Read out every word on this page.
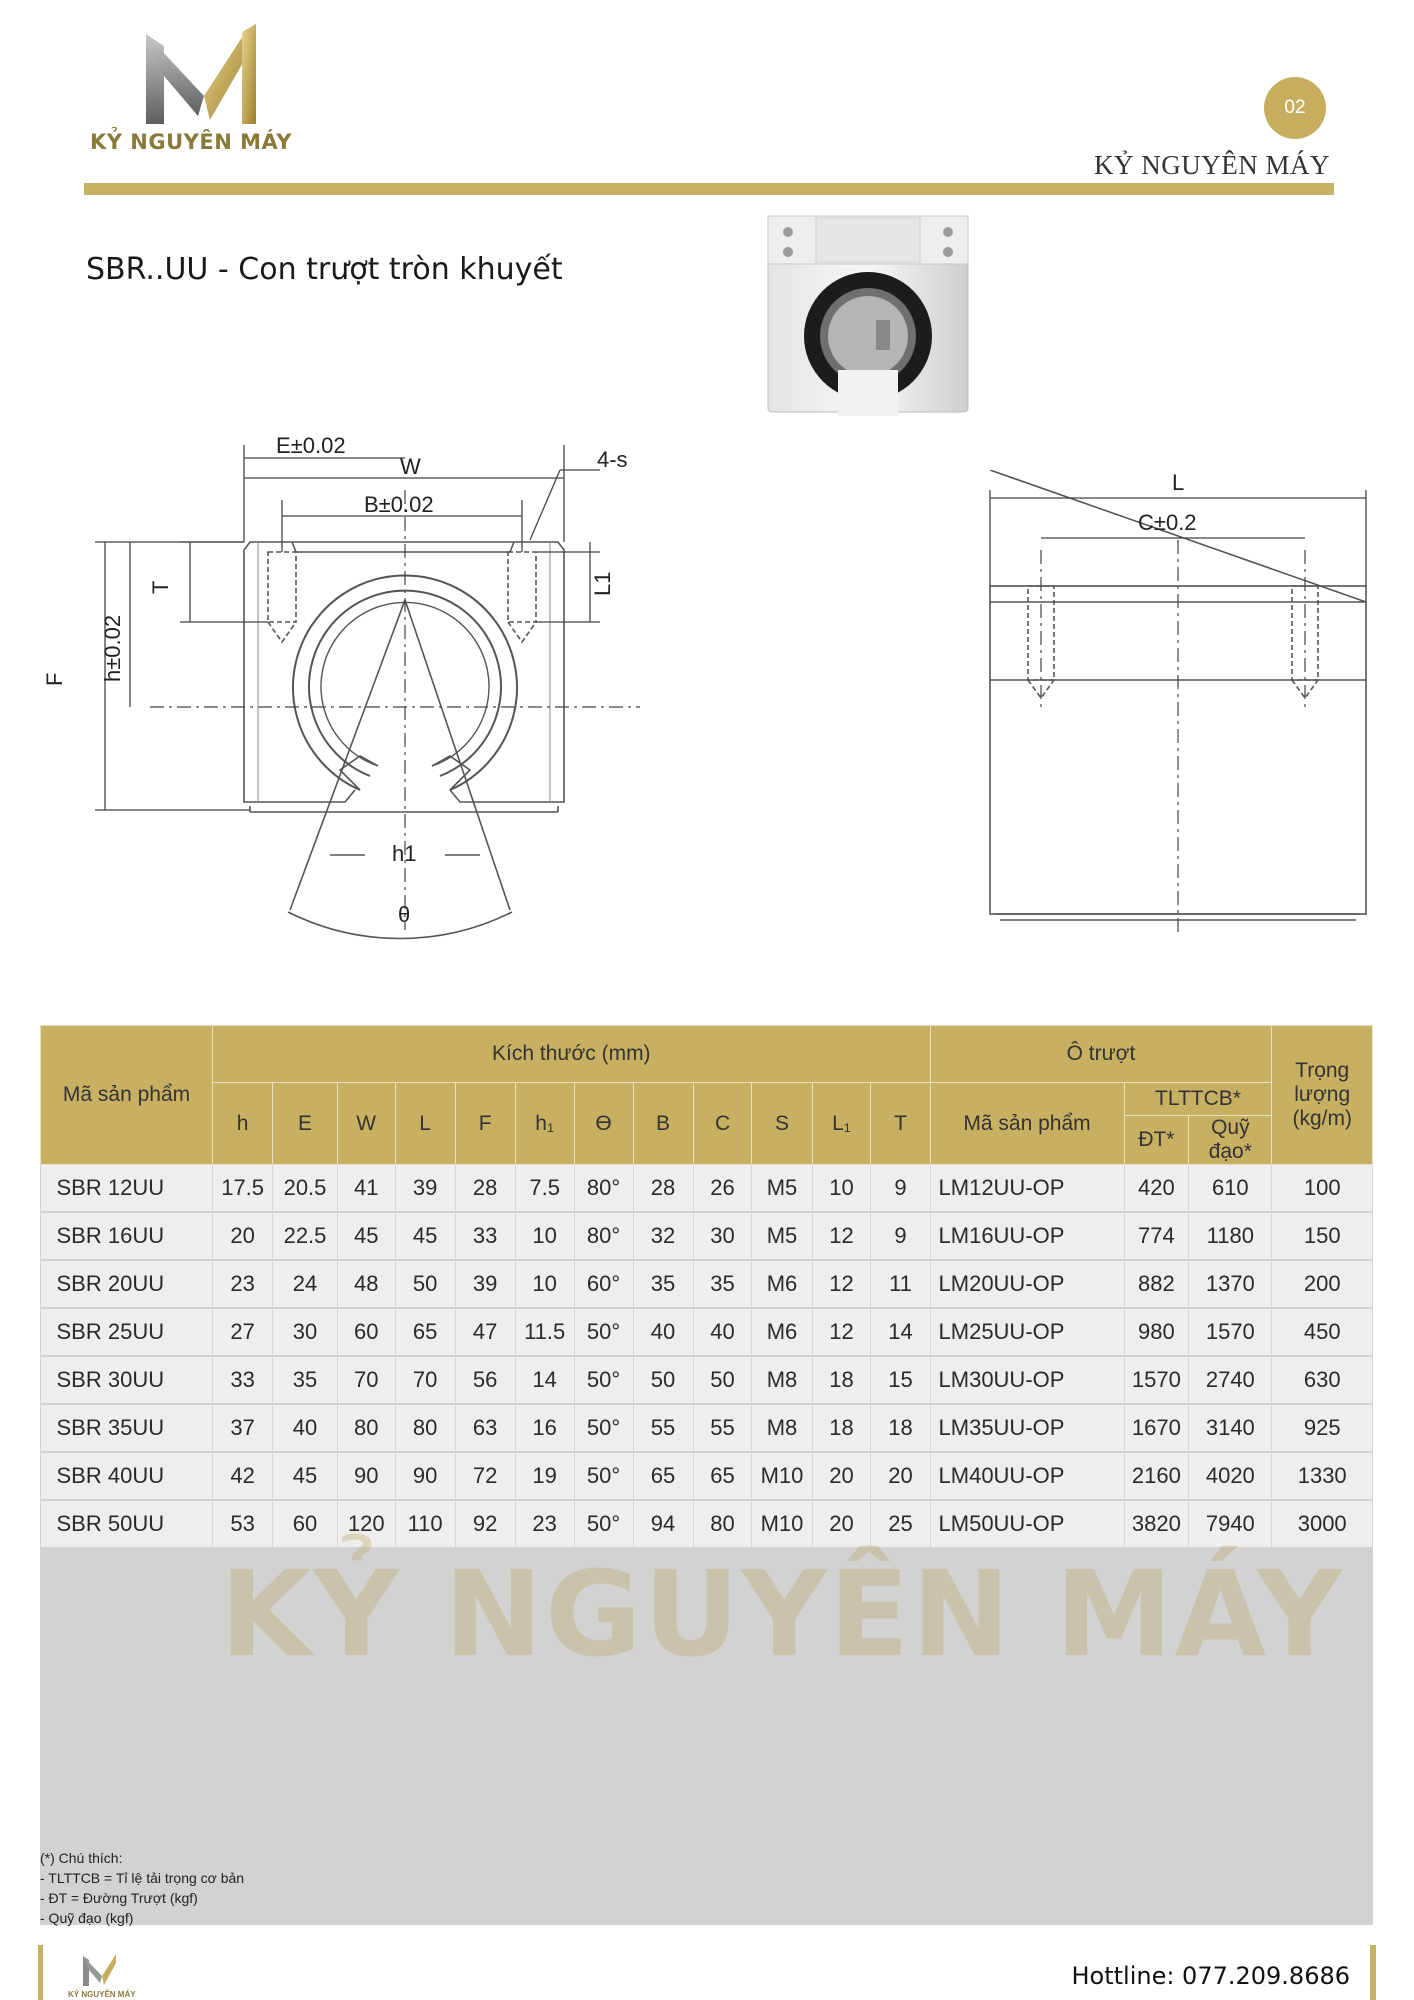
KỶ NGUYÊN MÁY
02
KỶ NGUYÊN MÁY
SBR..UU - Con trượt tròn khuyết
E±0.02
W
B±0.02
4-s
T	L1
h±0.02
F
h1
θ
L
C±0.2
Mã sản phẩm	Kích thước (mm)												Ô trượt			Trọng lượng (kg/m)
	h	E	W	L	F	h₁	ϴ	B	C	S	L₁	T	Mã sản phẩm	TLTTCB*		
														ĐT*	Quỹ đạo*	
SBR 12UU	17.5	20.5	41	39	28	7.5	80°	28	26	M5	10	9	LM12UU-OP	420	610	100
SBR 16UU	20	22.5	45	45	33	10	80°	32	30	M5	12	9	LM16UU-OP	774	1180	150
SBR 20UU	23	24	48	50	39	10	60°	35	35	M6	12	11	LM20UU-OP	882	1370	200
SBR 25UU	27	30	60	65	47	11.5	50°	40	40	M6	12	14	LM25UU-OP	980	1570	450
SBR 30UU	33	35	70	70	56	14	50°	50	50	M8	18	15	LM30UU-OP	1570	2740	630
SBR 35UU	37	40	80	80	63	16	50°	55	55	M8	18	18	LM35UU-OP	1670	3140	925
SBR 40UU	42	45	90	90	72	19	50°	65	65	M10	20	20	LM40UU-OP	2160	4020	1330
SBR 50UU	53	60	120	110	92	23	50°	94	80	M10	20	25	LM50UU-OP	3820	7940	3000
KỶ NGUYÊN MÁY
(*) Chú thích:
- TLTTCB = Tỉ lệ tải trọng cơ bản
- ĐT = Đường Trượt (kgf)
- Quỹ đạo (kgf)
KỶ NGUYÊN MÁY
Hottline: 077.209.8686
